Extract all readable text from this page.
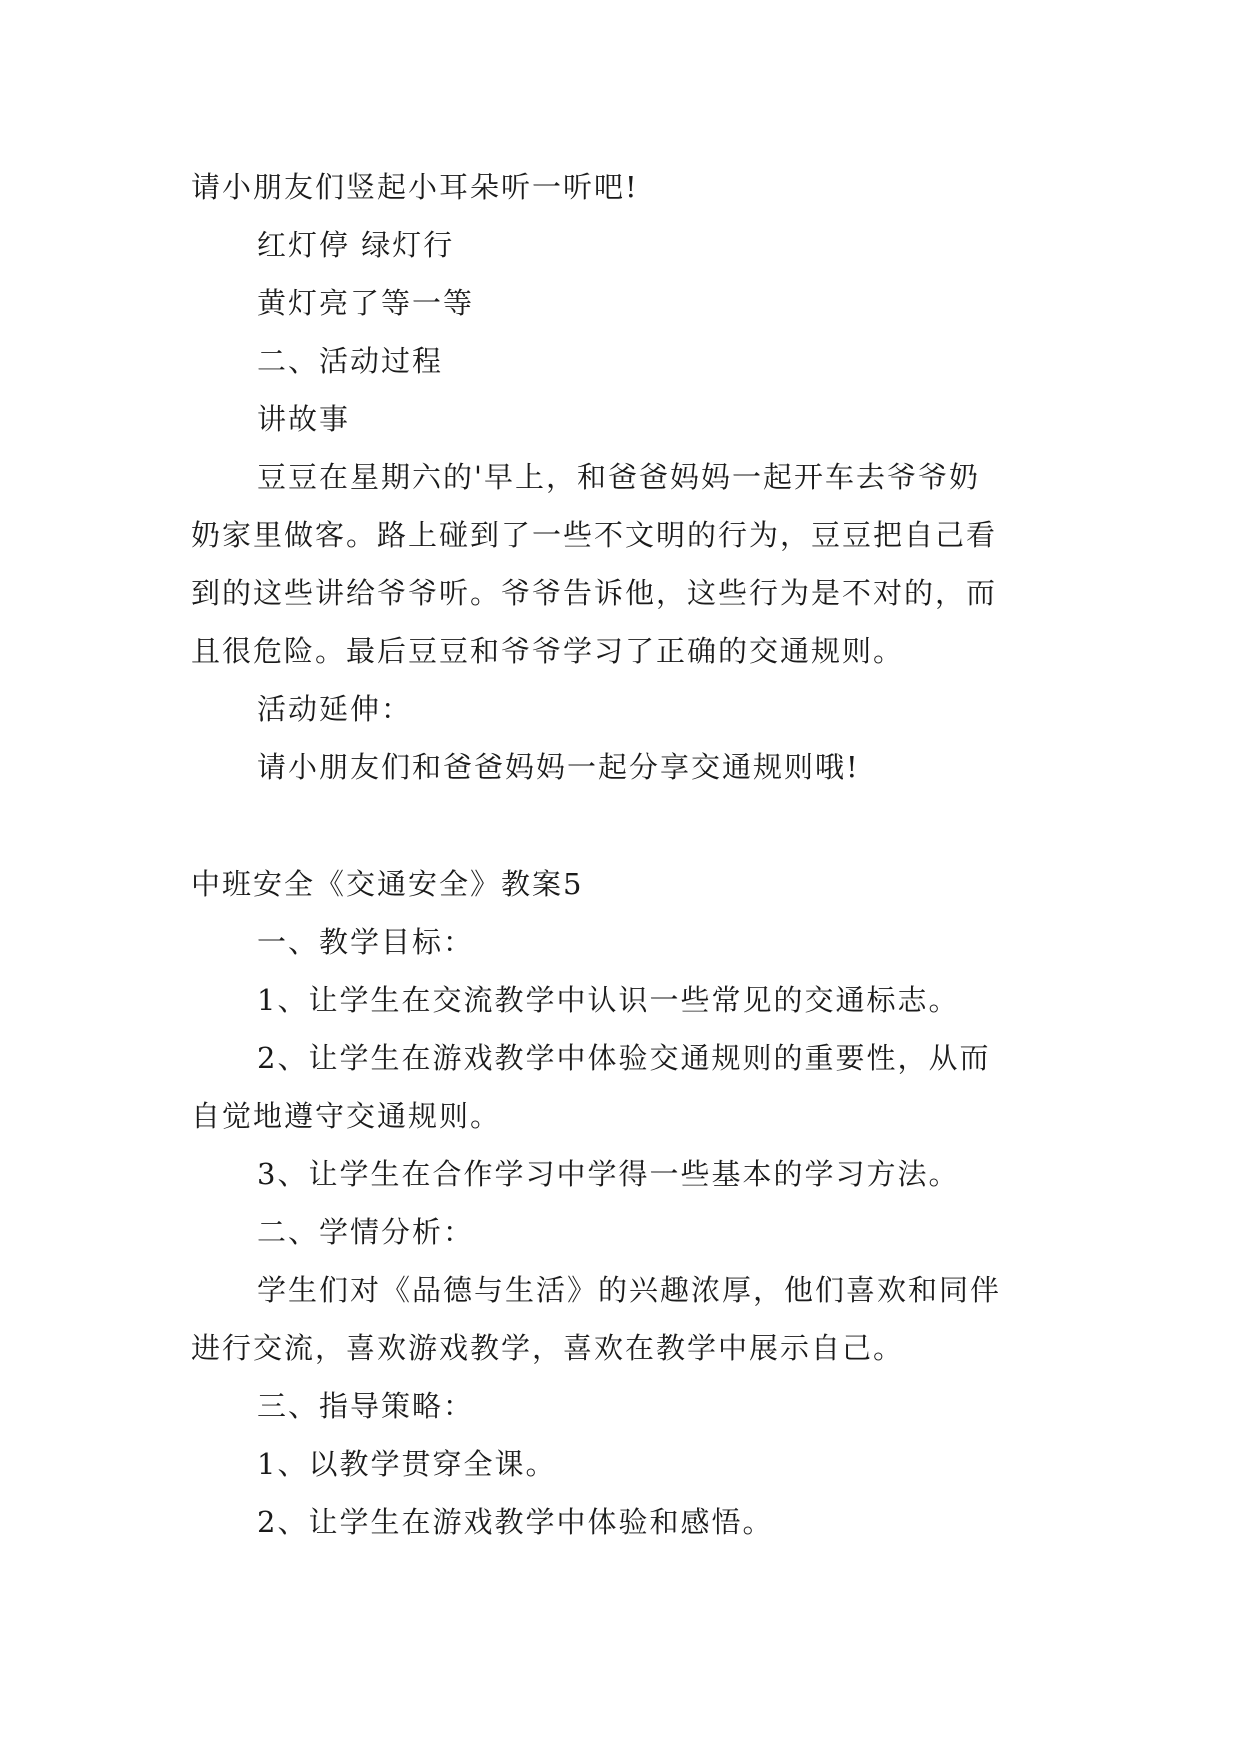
请小朋友们竖起小耳朵听一听吧!

红灯停 绿灯行

黄灯亮了等一等

二、活动过程

讲故事

豆豆在星期六的'早上，和爸爸妈妈一起开车去爷爷奶

奶家里做客。路上碰到了一些不文明的行为，豆豆把自己看

到的这些讲给爷爷听。爷爷告诉他，这些行为是不对的，而

且很危险。最后豆豆和爷爷学习了正确的交通规则。

活动延伸：

请小朋友们和爸爸妈妈一起分享交通规则哦!

中班安全《交通安全》教案5

一、教学目标：

1、让学生在交流教学中认识一些常见的交通标志。

2、让学生在游戏教学中体验交通规则的重要性，从而

自觉地遵守交通规则。

3、让学生在合作学习中学得一些基本的学习方法。

二、学情分析：

学生们对《品德与生活》的兴趣浓厚，他们喜欢和同伴

进行交流，喜欢游戏教学，喜欢在教学中展示自己。

三、指导策略：

1、以教学贯穿全课。

2、让学生在游戏教学中体验和感悟。
